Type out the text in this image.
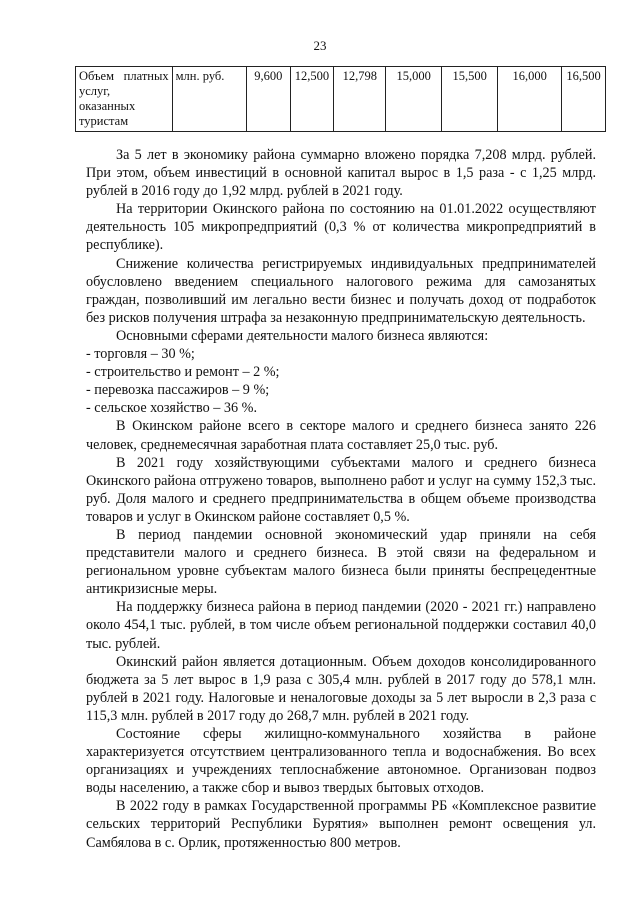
23
Объем платных услуг, оказанных туристам	млн. руб.	9,600	12,500	12,798	15,000	15,500	16,000	16,500

За 5 лет в экономику района суммарно вложено порядка 7,208 млрд. рублей. При этом, объем инвестиций в основной капитал вырос в 1,5 раза - с 1,25 млрд. рублей в 2016 году до 1,92 млрд. рублей в 2021 году.

На территории Окинского района по состоянию на 01.01.2022 осуществляют деятельность 105 микропредприятий (0,3 % от количества микропредприятий в республике).

Снижение количества регистрируемых индивидуальных предпринимателей обусловлено введением специального налогового режима для самозанятых граждан, позволивший им легально вести бизнес и получать доход от подработок без рисков получения штрафа за незаконную предпринимательскую деятельность.

Основными сферами деятельности малого бизнеса являются:

- торговля – 30 %;

- строительство и ремонт – 2 %;

- перевозка пассажиров – 9 %;

- сельское хозяйство – 36 %.

В Окинском районе всего в секторе малого и среднего бизнеса занято 226 человек, среднемесячная заработная плата составляет 25,0 тыс. руб.

В 2021 году хозяйствующими субъектами малого и среднего бизнеса Окинского района отгружено товаров, выполнено работ и услуг на сумму 152,3 тыс. руб. Доля малого и среднего предпринимательства в общем объеме производства товаров и услуг в Окинском районе составляет 0,5 %.

В период пандемии основной экономический удар приняли на себя представители малого и среднего бизнеса. В этой связи на федеральном и региональном уровне субъектам малого бизнеса были приняты беспрецедентные антикризисные меры.

На поддержку бизнеса района в период пандемии (2020 - 2021 гг.) направлено около 454,1 тыс. рублей, в том числе объем региональной поддержки составил 40,0 тыс. рублей.

Окинский район является дотационным. Объем доходов консолидированного бюджета за 5 лет вырос в 1,9 раза с 305,4 млн. рублей в 2017 году до 578,1 млн. рублей в 2021 году. Налоговые и неналоговые доходы за 5 лет выросли в 2,3 раза с 115,3 млн. рублей в 2017 году до 268,7 млн. рублей в 2021 году.

Состояние сферы жилищно-коммунального хозяйства в районе характеризуется отсутствием централизованного тепла и водоснабжения. Во всех организациях и учреждениях теплоснабжение автономное. Организован подвоз воды населению, а также сбор и вывоз твердых бытовых отходов.

В 2022 году в рамках Государственной программы РБ «Комплексное развитие сельских территорий Республики Бурятия» выполнен ремонт освещения ул. Самбялова в с. Орлик, протяженностью 800 метров.
